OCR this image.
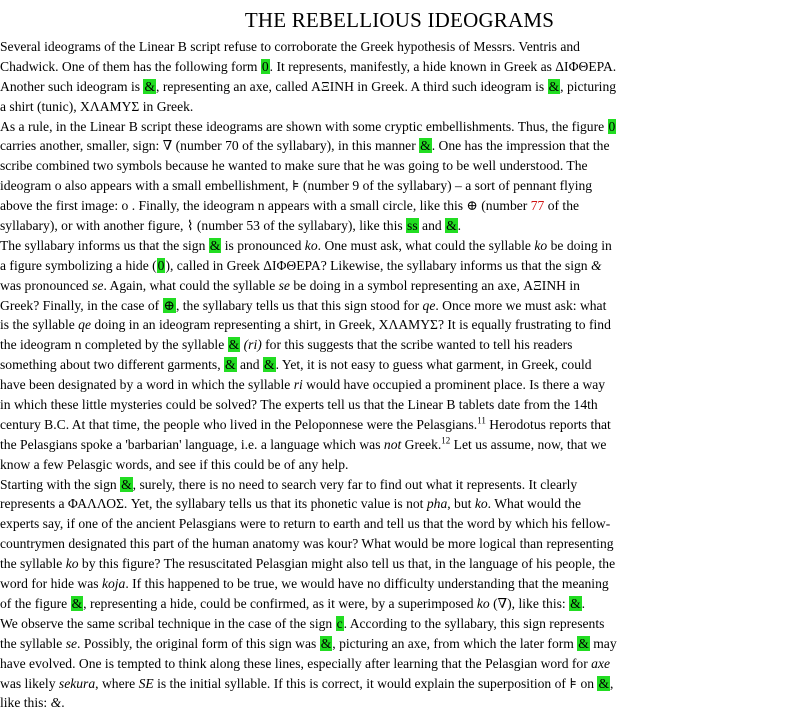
THE REBELLIOUS IDEOGRAMS
Several ideograms of the Linear B script refuse to corroborate the Greek hypothesis of Messrs. Ventris and
Chadwick. One of them has the following form 0. It represents, manifestly, a hide known in Greek as ΔΙΦΘΕΡΑ.
Another such ideogram is &, representing an axe, called ΑΞΙΝΗ in Greek. A third such ideogram is &, picturing
a shirt (tunic), ΧΛΑΜΥΣ in Greek.
As a rule, in the Linear B script these ideograms are shown with some cryptic embellishments. Thus, the figure 0
carries another, smaller, sign: ∇ (number 70 of the syllabary), in this manner &. One has the impression that the
scribe combined two symbols because he wanted to make sure that he was going to be well understood. The
ideogram o also appears with a small embellishment, ⊧ (number 9 of the syllabary) – a sort of pennant flying
above the first image: o . Finally, the ideogram n appears with a small circle, like this ⊕ (number 77 of the
syllabary), or with another figure, ⌇ (number 53 of the syllabary), like this ss and &.
The syllabary informs us that the sign & is pronounced ko. One must ask, what could the syllable ko be doing in
a figure symbolizing a hide (0), called in Greek ΔΙΦΘΕΡΑ? Likewise, the syllabary informs us that the sign &
was pronounced se. Again, what could the syllable se be doing in a symbol representing an axe, ΑΞΙΝΗ in
Greek? Finally, in the case of ⊕, the syllabary tells us that this sign stood for qe. Once more we must ask: what
is the syllable qe doing in an ideogram representing a shirt, in Greek, ΧΛΑΜΥΣ? It is equally frustrating to find
the ideogram n completed by the syllable & (ri) for this suggests that the scribe wanted to tell his readers
something about two different garments, & and &. Yet, it is not easy to guess what garment, in Greek, could
have been designated by a word in which the syllable ri would have occupied a prominent place. Is there a way
in which these little mysteries could be solved? The experts tell us that the Linear B tablets date from the 14th
century B.C. At that time, the people who lived in the Peloponnese were the Pelasgians.$^{11}$ Herodotus reports that
the Pelasgians spoke a 'barbarian' language, i.e. a language which was not Greek.$^{12}$ Let us assume, now, that we
know a few Pelasgic words, and see if this could be of any help.
Starting with the sign &, surely, there is no need to search very far to find out what it represents. It clearly
represents a ΦΑΛΛΟΣ. Yet, the syllabary tells us that its phonetic value is not pha, but ko. What would the
experts say, if one of the ancient Pelasgians were to return to earth and tell us that the word by which his fellow-
countrymen designated this part of the human anatomy was kour? What would be more logical than representing
the syllable ko by this figure? The resuscitated Pelasgian might also tell us that, in the language of his people, the
word for hide was koja. If this happened to be true, we would have no difficulty understanding that the meaning
of the figure &, representing a hide, could be confirmed, as it were, by a superimposed ko (∇), like this: &.
We observe the same scribal technique in the case of the sign c. According to the syllabary, this sign represents
the syllable se. Possibly, the original form of this sign was &, picturing an axe, from which the later form & may
have evolved. One is tempted to think along these lines, especially after learning that the Pelasgian word for axe
was likely sekura, where SE is the initial syllable. If this is correct, it would explain the superposition of ⊧ on &,
like this: &.
